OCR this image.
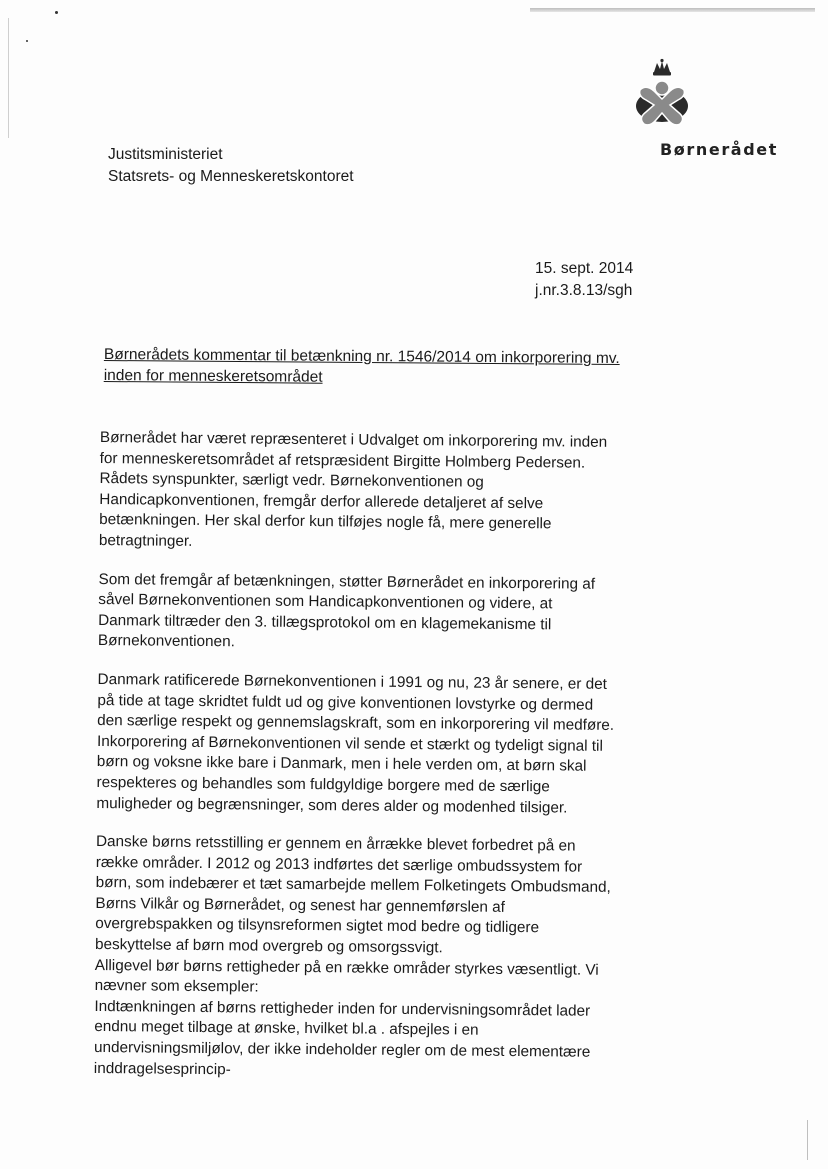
Børnerådet
Justitsministeriet
Statsrets- og Menneskeretskontoret
15. sept. 2014
j.nr.3.8.13/sgh
Børnerådets kommentar til betænkning nr. 1546/2014 om inkorporering mv.
inden for menneskeretsområdet

Børnerådet har været repræsenteret i Udvalget om inkorporering mv. inden for menneskeretsområdet af retspræsident Birgitte Holmberg Pedersen. Rådets synspunkter, særligt vedr. Børnekonventionen og Handicapkonventionen, fremgår derfor allerede detaljeret af selve betænkningen. Her skal derfor kun tilføjes nogle få, mere generelle betragtninger.

Som det fremgår af betænkningen, støtter Børnerådet en inkorporering af såvel Børnekonventionen som Handicapkonventionen og videre, at Danmark tiltræder den 3. tillægsprotokol om en klagemekanisme til Børnekonventionen.

Danmark ratificerede Børnekonventionen i 1991 og nu, 23 år senere, er det på tide at tage skridtet fuldt ud og give konventionen lovstyrke og dermed den særlige respekt og gennemslagskraft, som en inkorporering vil medføre. Inkorporering af Børnekonventionen vil sende et stærkt og tydeligt signal til børn og voksne ikke bare i Danmark, men i hele verden om, at børn skal respekteres og behandles som fuldgyldige borgere med de særlige muligheder og begrænsninger, som deres alder og modenhed tilsiger.

Danske børns retsstilling er gennem en årrække blevet forbedret på en række områder. I 2012 og 2013 indførtes det særlige ombudssystem for børn, som indebærer et tæt samarbejde mellem Folketingets Ombudsmand, Børns Vilkår og Børnerådet, og senest har gennemførslen af overgrebspakken og tilsynsreformen sigtet mod bedre og tidligere beskyttelse af børn mod overgreb og omsorgssvigt.

Alligevel bør børns rettigheder på en række områder styrkes væsentligt. Vi nævner som eksempler:

Indtænkningen af børns rettigheder inden for undervisningsområdet lader endnu meget tilbage at ønske, hvilket bl.a . afspejles i en undervisningsmiljølov, der ikke indeholder regler om de mest elementære inddragelsesprincip-
